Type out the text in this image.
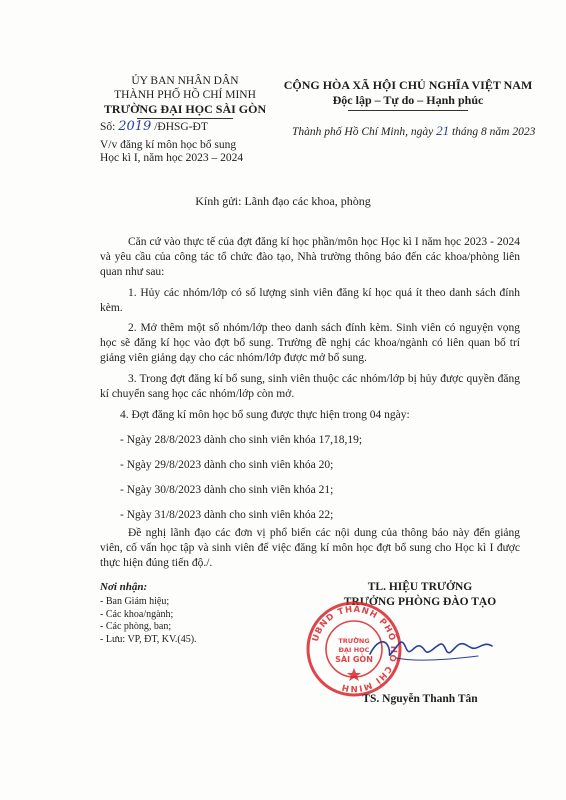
ỦY BAN NHÂN DÂN
THÀNH PHỐ HỒ CHÍ MINH
TRƯỜNG ĐẠI HỌC SÀI GÒN
CỘNG HÒA XÃ HỘI CHỦ NGHĨA VIỆT NAM
Độc lập – Tự do – Hạnh phúc
Số: 2019 /ĐHSG-ĐT
V/v đăng kí môn học bổ sung
Học kì I, năm học 2023 – 2024
Thành phố Hồ Chí Minh, ngày 21 tháng 8 năm 2023
Kính gửi: Lãnh đạo các khoa, phòng
Căn cứ vào thực tế của đợt đăng kí học phần/môn học Học kì I năm học 2023 - 2024 và yêu cầu của công tác tổ chức đào tạo, Nhà trường thông báo đến các khoa/phòng liên quan như sau:
1. Hủy các nhóm/lớp có số lượng sinh viên đăng kí học quá ít theo danh sách đính kèm.
2. Mở thêm một số nhóm/lớp theo danh sách đính kèm. Sinh viên có nguyện vọng học sẽ đăng kí học vào đợt bổ sung. Trường đề nghị các khoa/ngành có liên quan bố trí giảng viên giảng dạy cho các nhóm/lớp được mở bổ sung.
3. Trong đợt đăng kí bổ sung, sinh viên thuộc các nhóm/lớp bị hủy được quyền đăng kí chuyển sang học các nhóm/lớp còn mở.
4. Đợt đăng kí môn học bổ sung được thực hiện trong 04 ngày:
- Ngày 28/8/2023 dành cho sinh viên khóa 17,18,19;
- Ngày 29/8/2023 dành cho sinh viên khóa 20;
- Ngày 30/8/2023 dành cho sinh viên khóa 21;
- Ngày 31/8/2023 dành cho sinh viên khóa 22;
Đề nghị lãnh đạo các đơn vị phổ biến các nội dung của thông báo này đến giảng viên, cố vấn học tập và sinh viên để việc đăng kí môn học đợt bổ sung cho Học kì I được thực hiện đúng tiến độ./.
Nơi nhận:
- Ban Giám hiệu;
- Các khoa/ngành;
- Các phòng, ban;
- Lưu: VP, ĐT, KV.(45).
TL. HIỆU TRƯỞNG
TRƯỞNG PHÒNG ĐÀO TẠO
UBND THÀNH PHỐ HỒ CHÍ MINH
TRƯỜNG
ĐẠI HỌC
SÀI GÒN
TS. Nguyễn Thanh Tân
